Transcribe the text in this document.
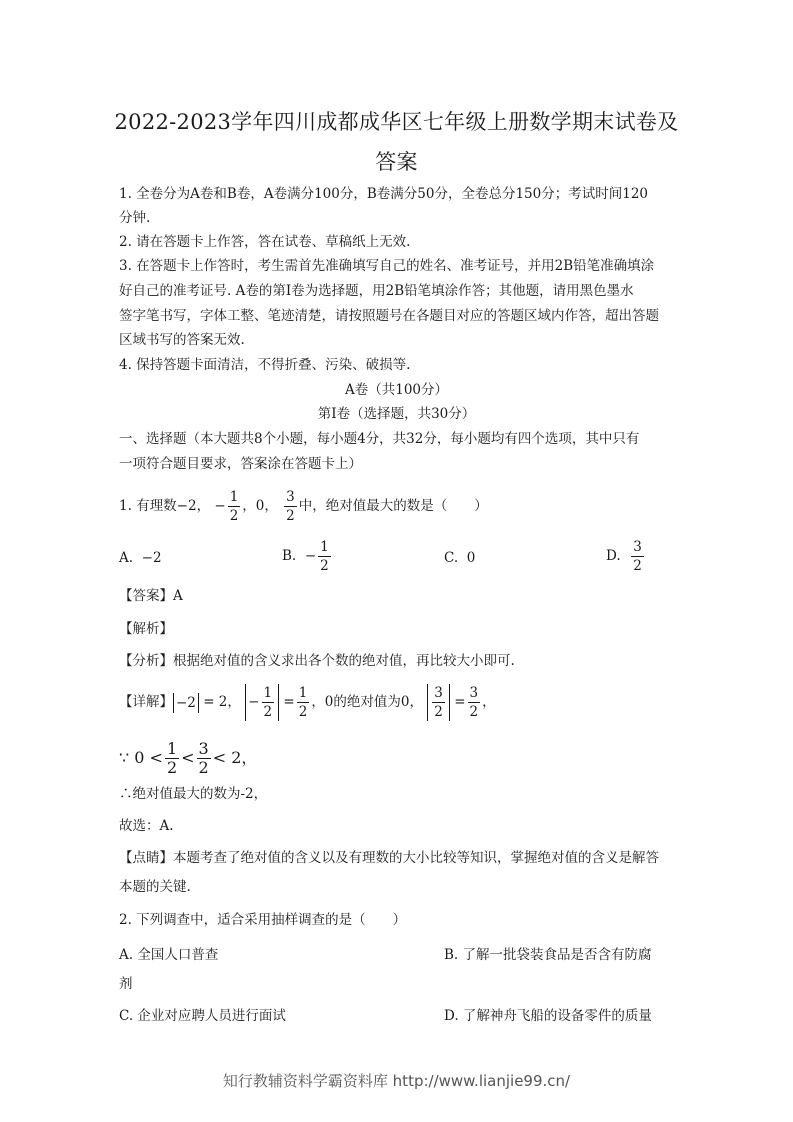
2022-2023学年四川成都成华区七年级上册数学期末试卷及
答案
1. 全卷分为A卷和B卷，A卷满分100分，B卷满分50分，全卷总分150分；考试时间120
分钟.
2. 请在答题卡上作答，答在试卷、草稿纸上无效.
3. 在答题卡上作答时，考生需首先准确填写自己的姓名、准考证号，并用2B铅笔准确填涂
好自己的准考证号. A卷的第Ⅰ卷为选择题，用2B铅笔填涂作答；其他题，请用黑色墨水
签字笔书写，字体工整、笔迹清楚，请按照题号在各题目对应的答题区域内作答，超出答题
区域书写的答案无效.
4. 保持答题卡面清洁，不得折叠、污染、破损等.
A卷（共100分）
第Ⅰ卷（选择题，共30分）
一、选择题（本大题共8个小题，每小题4分，共32分，每小题均有四个选项，其中只有
一项符合题目要求，答案涂在答题卡上）
1. 有理数−2， − $\frac{1}{2}$ ，0， $\frac{3}{2}$ 中，绝对值最大的数是（　　）
A. −2	B. − $\frac{1}{2}$	C. 0	D. $\frac{3}{2}$
【答案】A
【解析】
【分析】根据绝对值的含义求出各个数的绝对值，再比较大小即可.
【详解】 −2 = 2， − $\frac{1}{2} = \frac{1}{2}$ ，0的绝对值为0， $\frac{3}{2} = \frac{3}{2}$ ，
∵ $0 < \frac{1}{2} < \frac{3}{2} < 2$，
∴绝对值最大的数为-2，
故选：A.
【点睛】本题考查了绝对值的含义以及有理数的大小比较等知识，掌握绝对值的含义是解答
本题的关键.
2. 下列调查中，适合采用抽样调查的是（　　）
A. 全国人口普查	B. 了解一批袋装食品是否含有防腐
剂
C. 企业对应聘人员进行面试	D. 了解神舟飞船的设备零件的质量
知行教辅资料学霸资料库 http://www.lianjie99.cn/
